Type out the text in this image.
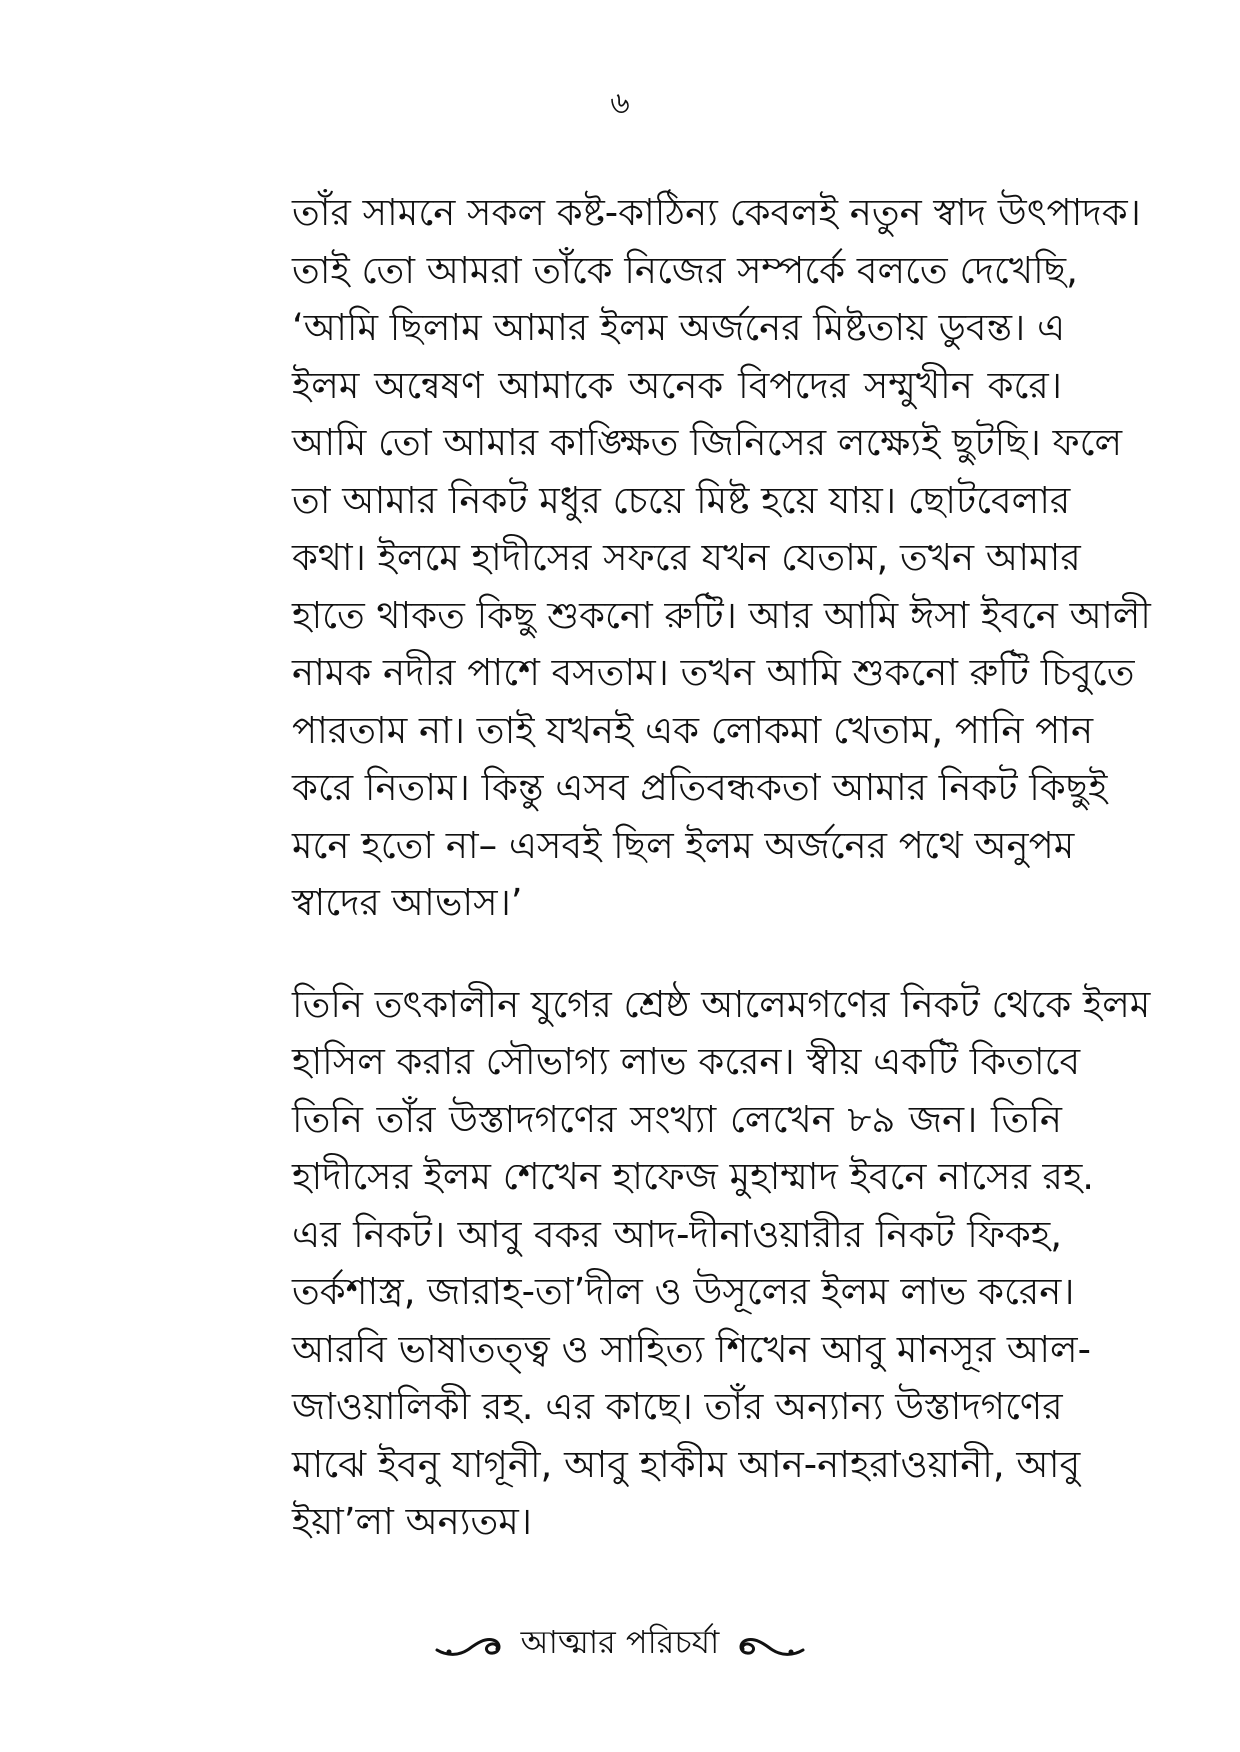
৬

তাঁর সামনে সকল কষ্ট-কাঠিন্য কেবলই নতুন স্বাদ উৎপাদক।
তাই তো আমরা তাঁকে নিজের সম্পর্কে বলতে দেখেছি,
‘আমি ছিলাম আমার ইলম অর্জনের মিষ্টতায় ডুবন্ত। এ
ইলম অন্বেষণ আমাকে অনেক বিপদের সম্মুখীন করে।
আমি তো আমার কাঙ্ক্ষিত জিনিসের লক্ষ্যেই ছুটছি। ফলে
তা আমার নিকট মধুর চেয়ে মিষ্ট হয়ে যায়। ছোটবেলার
কথা। ইলমে হাদীসের সফরে যখন যেতাম, তখন আমার
হাতে থাকত কিছু শুকনো রুটি। আর আমি ঈসা ইবনে আলী
নামক নদীর পাশে বসতাম। তখন আমি শুকনো রুটি চিবুতে
পারতাম না। তাই যখনই এক লোকমা খেতাম, পানি পান
করে নিতাম। কিন্তু এসব প্রতিবন্ধকতা আমার নিকট কিছুই
মনে হতো না– এসবই ছিল ইলম অর্জনের পথে অনুপম
স্বাদের আভাস।’

তিনি তৎকালীন যুগের শ্রেষ্ঠ আলেমগণের নিকট থেকে ইলম
হাসিল করার সৌভাগ্য লাভ করেন। স্বীয় একটি কিতাবে
তিনি তাঁর উস্তাদগণের সংখ্যা লেখেন ৮৯ জন। তিনি
হাদীসের ইলম শেখেন হাফেজ মুহাম্মাদ ইবনে নাসের রহ.
এর নিকট। আবু বকর আদ-দীনাওয়ারীর নিকট ফিকহ,
তর্কশাস্ত্র, জারাহ-তা’দীল ও উসূলের ইলম লাভ করেন।
আরবি ভাষাতত্ত্ব ও সাহিত্য শিখেন আবু মানসূর আল-
জাওয়ালিকী রহ. এর কাছে। তাঁর অন্যান্য উস্তাদগণের
মাঝে ইবনু যাগূনী, আবু হাকীম আন-নাহরাওয়ানী, আবু
ইয়া’লা অন্যতম।

আত্মার পরিচর্যা
